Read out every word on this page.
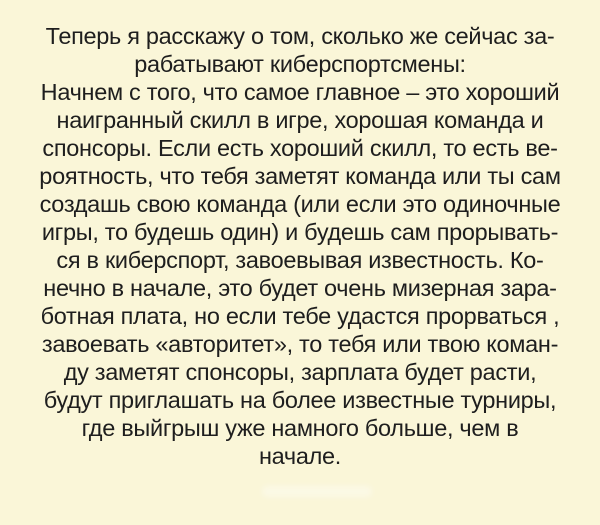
Теперь я расскажу о том, сколько же сейчас за-
рабатывают киберспортсмены:
Начнем с того, что самое главное – это хороший
наигранный скилл в игре, хорошая команда и
спонсоры. Если есть хороший скилл, то есть ве-
роятность, что тебя заметят команда или ты сам
создашь свою команда (или если это одиночные
игры, то будешь один) и будешь сам прорывать-
ся в киберспорт, завоевывая известность. Ко-
нечно в начале, это будет очень мизерная зара-
ботная плата, но если тебе удастся прорваться ,
завоевать «авторитет», то тебя или твою коман-
ду заметят спонсоры, зарплата будет расти,
будут приглашать на более известные турниры,
где выйгрыш уже намного больше, чем в
начале.
